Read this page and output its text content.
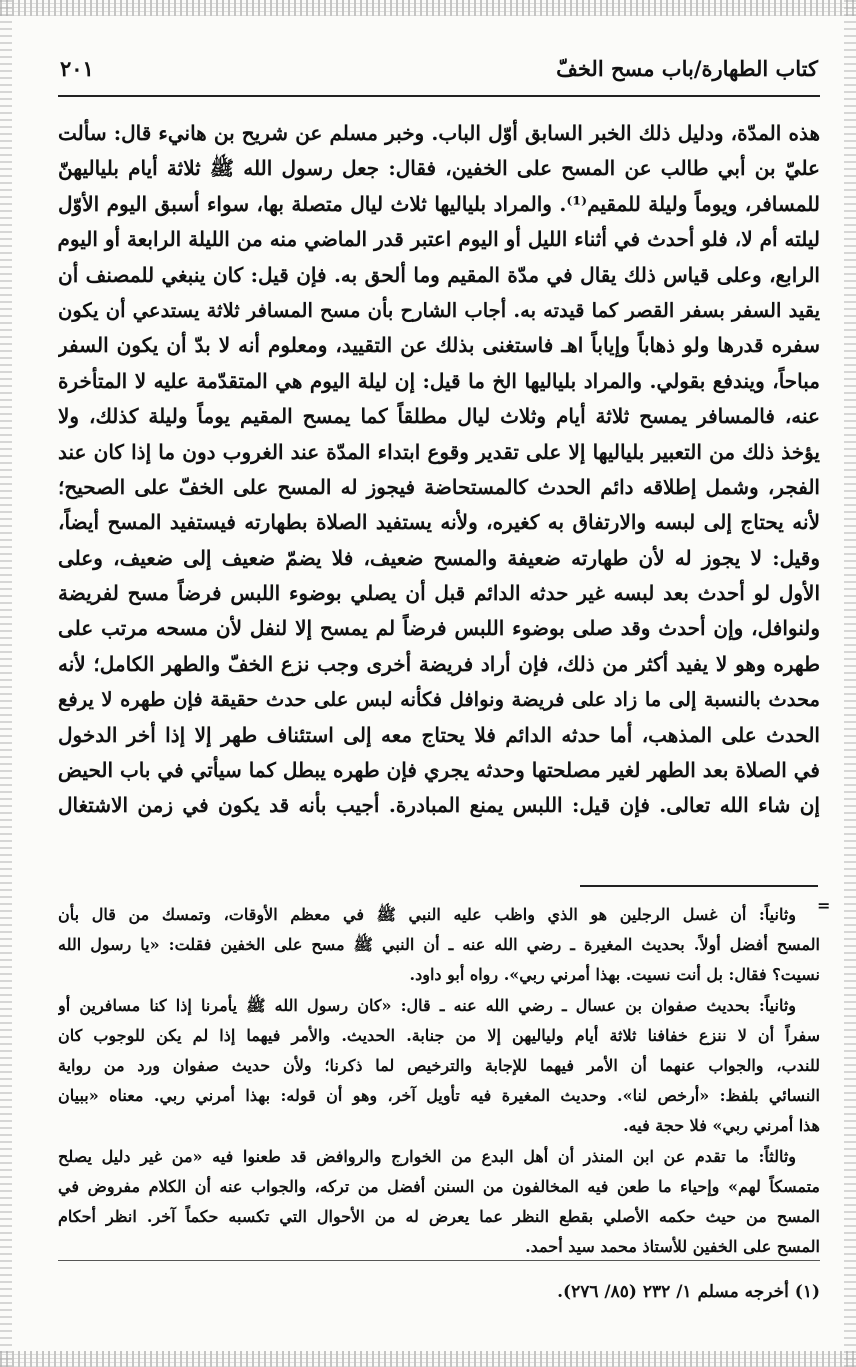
كتاب الطهارة/باب مسح الخفّ
٢٠١
هذه المدّة، ودليل ذلك الخبر السابق أوّل الباب. وخبر مسلم عن شريح بن هانيء قال: سألت
عليّ بن أبي طالب عن المسح على الخفين، فقال: جعل رسول الله ﷺ ثلاثة أيام بلياليهنّ
للمسافر، ويوماً وليلة للمقيم⁽¹⁾. والمراد بلياليها ثلاث ليال متصلة بها، سواء أسبق اليوم الأوّل
ليلته أم لا، فلو أحدث في أثناء الليل أو اليوم اعتبر قدر الماضي منه من الليلة الرابعة أو اليوم
الرابع، وعلى قياس ذلك يقال في مدّة المقيم وما ألحق به. فإن قيل: كان ينبغي للمصنف أن
يقيد السفر بسفر القصر كما قيدته به. أجاب الشارح بأن مسح المسافر ثلاثة يستدعي أن يكون
سفره قدرها ولو ذهاباً وإياباً اهـ فاستغنى بذلك عن التقييد، ومعلوم أنه لا بدّ أن يكون السفر
مباحاً، ويندفع بقولي. والمراد بلياليها الخ ما قيل: إن ليلة اليوم هي المتقدّمة عليه لا المتأخرة
عنه، فالمسافر يمسح ثلاثة أيام وثلاث ليال مطلقاً كما يمسح المقيم يوماً وليلة كذلك، ولا
يؤخذ ذلك من التعبير بلياليها إلا على تقدير وقوع ابتداء المدّة عند الغروب دون ما إذا كان عند
الفجر، وشمل إطلاقه دائم الحدث كالمستحاضة فيجوز له المسح على الخفّ على الصحيح؛
لأنه يحتاج إلى لبسه والارتفاق به كغيره، ولأنه يستفيد الصلاة بطهارته فيستفيد المسح أيضاً،
وقيل: لا يجوز له لأن طهارته ضعيفة والمسح ضعيف، فلا يضمّ ضعيف إلى ضعيف، وعلى
الأول لو أحدث بعد لبسه غير حدثه الدائم قبل أن يصلي بوضوء اللبس فرضاً مسح لفريضة
ولنوافل، وإن أحدث وقد صلى بوضوء اللبس فرضاً لم يمسح إلا لنفل لأن مسحه مرتب على
طهره وهو لا يفيد أكثر من ذلك، فإن أراد فريضة أخرى وجب نزع الخفّ والطهر الكامل؛ لأنه
محدث بالنسبة إلى ما زاد على فريضة ونوافل فكأنه لبس على حدث حقيقة فإن طهره لا يرفع
الحدث على المذهب، أما حدثه الدائم فلا يحتاج معه إلى استئناف طهر إلا إذا أخر الدخول
في الصلاة بعد الطهر لغير مصلحتها وحدثه يجري فإن طهره يبطل كما سيأتي في باب الحيض
إن شاء الله تعالى. فإن قيل: اللبس يمنع المبادرة. أجيب بأنه قد يكون في زمن الاشتغال
=
وثانياً: أن غسل الرجلين هو الذي واظب عليه النبي ﷺ في معظم الأوقات، وتمسك من قال بأن
المسح أفضل أولاً. بحديث المغيرة ـ رضي الله عنه ـ أن النبي ﷺ مسح على الخفين فقلت: «يا رسول الله
نسيت؟ فقال: بل أنت نسيت. بهذا أمرني ربي». رواه أبو داود.
وثانياً: بحديث صفوان بن عسال ـ رضي الله عنه ـ قال: «كان رسول الله ﷺ يأمرنا إذا كنا مسافرين أو
سفراً أن لا ننزع خفافنا ثلاثة أيام ولياليهن إلا من جنابة. الحديث. والأمر فيهما إذا لم يكن للوجوب كان
للندب، والجواب عنهما أن الأمر فيهما للإجابة والترخيص لما ذكرنا؛ ولأن حديث صفوان ورد من رواية
النسائي بلفظ: «أرخص لنا». وحديث المغيرة فيه تأويل آخر، وهو أن قوله: بهذا أمرني ربي. معناه «ببيان
هذا أمرني ربي» فلا حجة فيه.
وثالثاً: ما تقدم عن ابن المنذر أن أهل البدع من الخوارج والروافض قد طعنوا فيه «من غير دليل يصلح
متمسكاً لهم» وإحياء ما طعن فيه المخالفون من السنن أفضل من تركه، والجواب عنه أن الكلام مفروض في
المسح من حيث حكمه الأصلي بقطع النظر عما يعرض له من الأحوال التي تكسبه حكماً آخر. انظر أحكام
المسح على الخفين للأستاذ محمد سيد أحمد.
(١) أخرجه مسلم ١/ ٢٣٢ (٨٥/ ٢٧٦).
